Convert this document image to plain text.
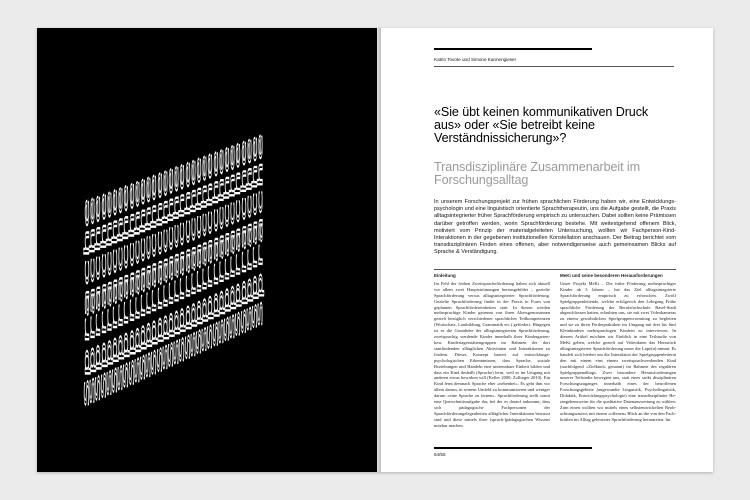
Sprache
Sprache
Sprache
Sprache
Sprache
Sprache
Sprache
Sprache
Sprache
Sprache
Sprache
Sprache
Sprache
Sprache
Sprache
Sprache
Sprache
Sprache
Sprache
Sprache
Sprache
Sprache
Sprache
Sprache
Sprache
Sprache
Sprache
Sprache
Sprache
Sprache
Sprache
Sprache
Katrin Tovote und Simone Kannengieser
«Sie übt keinen kommunikativen Druck aus» oder «Sie betreibt keine Verständnissicherung»?
Transdisziplinäre Zusammenarbeit im Forschungsalltag

In unserem Forschungsprojekt zur frühen sprachlichen Förderung haben wir, eine Entwicklungspsychologin und eine linguistisch orientierte Sprachtherapeutin, uns die Aufgabe gestellt, die Praxis alltagsintegrierter früher Sprachförderung empirisch zu untersuchen. Dabei sollten keine Prämissen darüber getroffen werden, worin Sprachförderung bestehe. Mit weitestgehend offenem Blick, motiviert vom Prinzip der materialgeleiteten Untersuchung, wollten wir Fachperson-Kind-Interaktionen in der gegebenen institutionellen Konstellation anschauen. Der Beitrag berichtet vom transdisziplinären Finden eines offenen, aber notwendigerweise auch gemeinsamen Blicks auf Sprache & Verständigung.

Einleitung
Im Feld der frühen Zweitspracheförderung haben sich aktuell vor allem zwei Hauptströmungen herausgebildet – gezielte Sprachförderung versus alltagsintegrierter Sprachförderung. Gezielte Sprachförderung findet in der Praxis in Form von geplanten Sprachfördereinheiten statt. In diesen werden mehrsprachige Kinder getrennt von ihren Altersgenossinnen gezielt bezüglich verschiedener sprachlicher Teilkompetenzen (Wortschatz, Lautbildung, Grammatik etc.) gefördert. Hingegen ist es die Grundidee der alltagsintegrierten Sprachförderung, zweisprachig werdende Kinder innerhalb ihrer Kindergarten- bzw. Kindertagesstättengruppen im Rahmen der dort stattfindenden alltäglichen Aktivitäten und Interaktionen zu fördern. Dieses Konzept basiert auf entwicklungspsychologischen Erkenntnissen, dass Sprache, soziale Beziehungen und Handeln eine untrennbare Einheit bilden und dass ein Kind deshalb (Sprache) lernt, weil es im Umgang mit anderen etwas bewirken will (Keller 2000; Zollinger 2010). Ein Kind lernt demnach Sprache eher «nebenbei». Es geht ihm vor allem darum, in seinem Umfeld zu kommunizieren und weniger darum «eine Sprache zu lernen». Sprachförderung stellt somit eine Querschnittsaufgabe dar, bei der es darauf ankommt, dass sich pädagogische Fachpersonen der Sprachförderungelegenheiten alltäglicher Interaktionen bewusst sind und diese mittels ihrer (sprach-)pädagogischen Wissens nutzbar machen.
MeKi und seine besonderen Herausforderungen
Unser Projekt MeKi – Die frühe Förderung mehrsprachiger Kinder ab 3 Jahren – hat das Ziel alltagsintegrierte Sprachförderung empirisch zu erforschen. Zwölf Spielgruppenleitende, welche erfolgreich den Lehrgang Frühe sprachliche Förderung der Berufsfachschule Basel-Stadt abgeschlossen hatten, erlaubten uns, sie mit zwei Videokameras zu einem gewöhnlichen Spielgruppenvormittag zu begleiten und sie zu ihren Förderpraktiken im Umgang mit drei bis fünf Kleinkindern mehrsprachigen Kindern zu interviewen. In diesem Artikel möchten wir Einblick in eine Teilstudie von MeKi geben, welche gezielt auf Videodaten das Herzstück alltagsintegrierter Sprachförderung unser die Lupe(n) nimmt. Es handelt sich hierbei um die Interaktion der Spielgruppenleiterin den mit einem eins einem zweitsprachwerdenden Kind (nachfolgend «Zielkind» genannt) im Rahmen des regulären Spielgruppenalltags. Zwei besondere Herausforderungen unserer Teilstudie bewegten uns, statt eines strikt disziplinären Forschungszuganges innerhalb eines der betroffenen Forschungsgebiete (angewandte Linguistik, Psycholinguistik, Didaktik, Entwicklungspsychologie) eine transdisziplinäre Herangehensweise für die qualitative Datenauswertung zu wählen: Zum einen wollten wir mittels eines selbstentwickelten Beobachtungsrasters mit einem «offenen» Blick an die von den Fachkräften im Alltag geleisteter Sprachförderung herantreten. Im
54/55
